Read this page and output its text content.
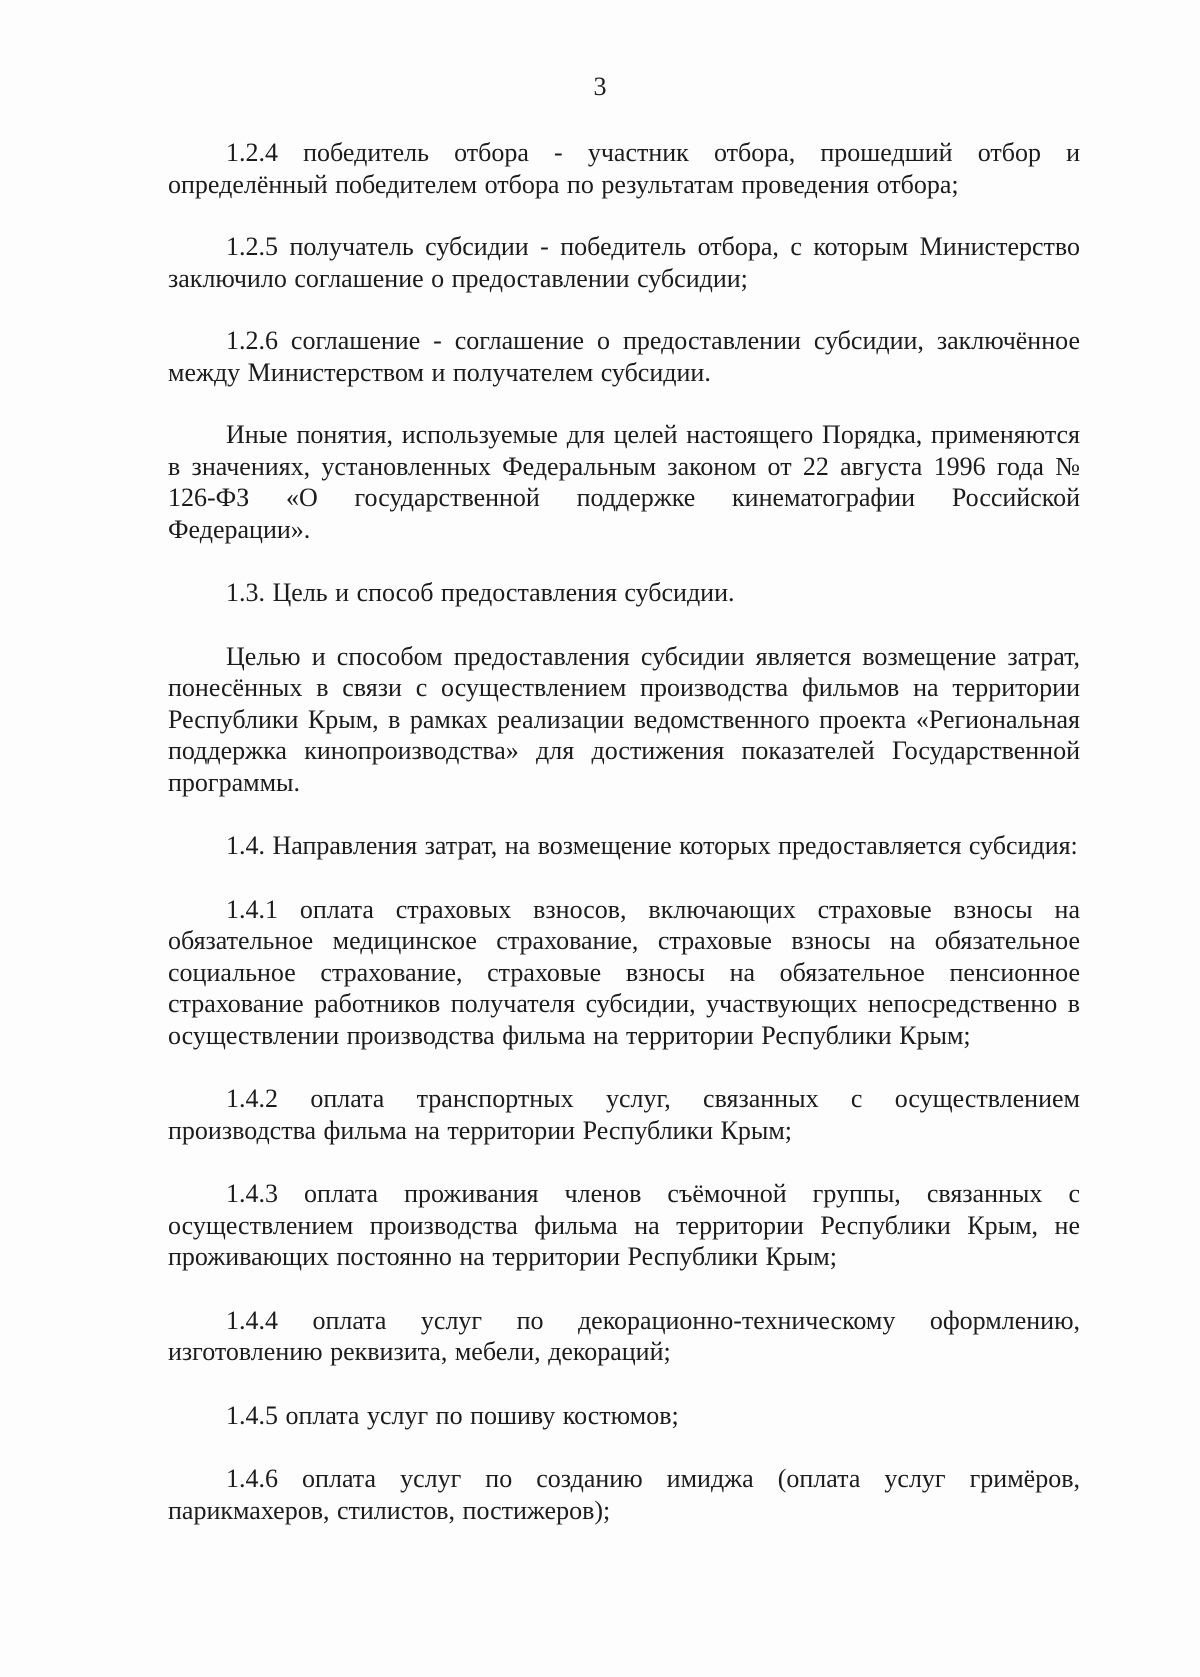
3

1.2.4 победитель отбора - участник отбора, прошедший отбор и определённый победителем отбора по результатам проведения отбора;

1.2.5 получатель субсидии - победитель отбора, с которым Министерство заключило соглашение о предоставлении субсидии;

1.2.6 соглашение - соглашение о предоставлении субсидии, заключённое между Министерством и получателем субсидии.

Иные понятия, используемые для целей настоящего Порядка, применяются в значениях, установленных Федеральным законом от 22 августа 1996 года № 126-ФЗ «О государственной поддержке кинематографии Российской Федерации».

1.3. Цель и способ предоставления субсидии.

Целью и способом предоставления субсидии является возмещение затрат, понесённых в связи с осуществлением производства фильмов на территории Республики Крым, в рамках реализации ведомственного проекта «Региональная поддержка кинопроизводства» для достижения показателей Государственной программы.

1.4. Направления затрат, на возмещение которых предоставляется субсидия:

1.4.1 оплата страховых взносов, включающих страховые взносы на обязательное медицинское страхование, страховые взносы на обязательное социальное страхование, страховые взносы на обязательное пенсионное страхование работников получателя субсидии, участвующих непосредственно в осуществлении производства фильма на территории Республики Крым;

1.4.2 оплата транспортных услуг, связанных с осуществлением производства фильма на территории Республики Крым;

1.4.3 оплата проживания членов съёмочной группы, связанных с осуществлением производства фильма на территории Республики Крым, не проживающих постоянно на территории Республики Крым;

1.4.4 оплата услуг по декорационно-техническому оформлению, изготовлению реквизита, мебели, декораций;

1.4.5 оплата услуг по пошиву костюмов;

1.4.6 оплата услуг по созданию имиджа (оплата услуг гримёров, парикмахеров, стилистов, постижеров);
